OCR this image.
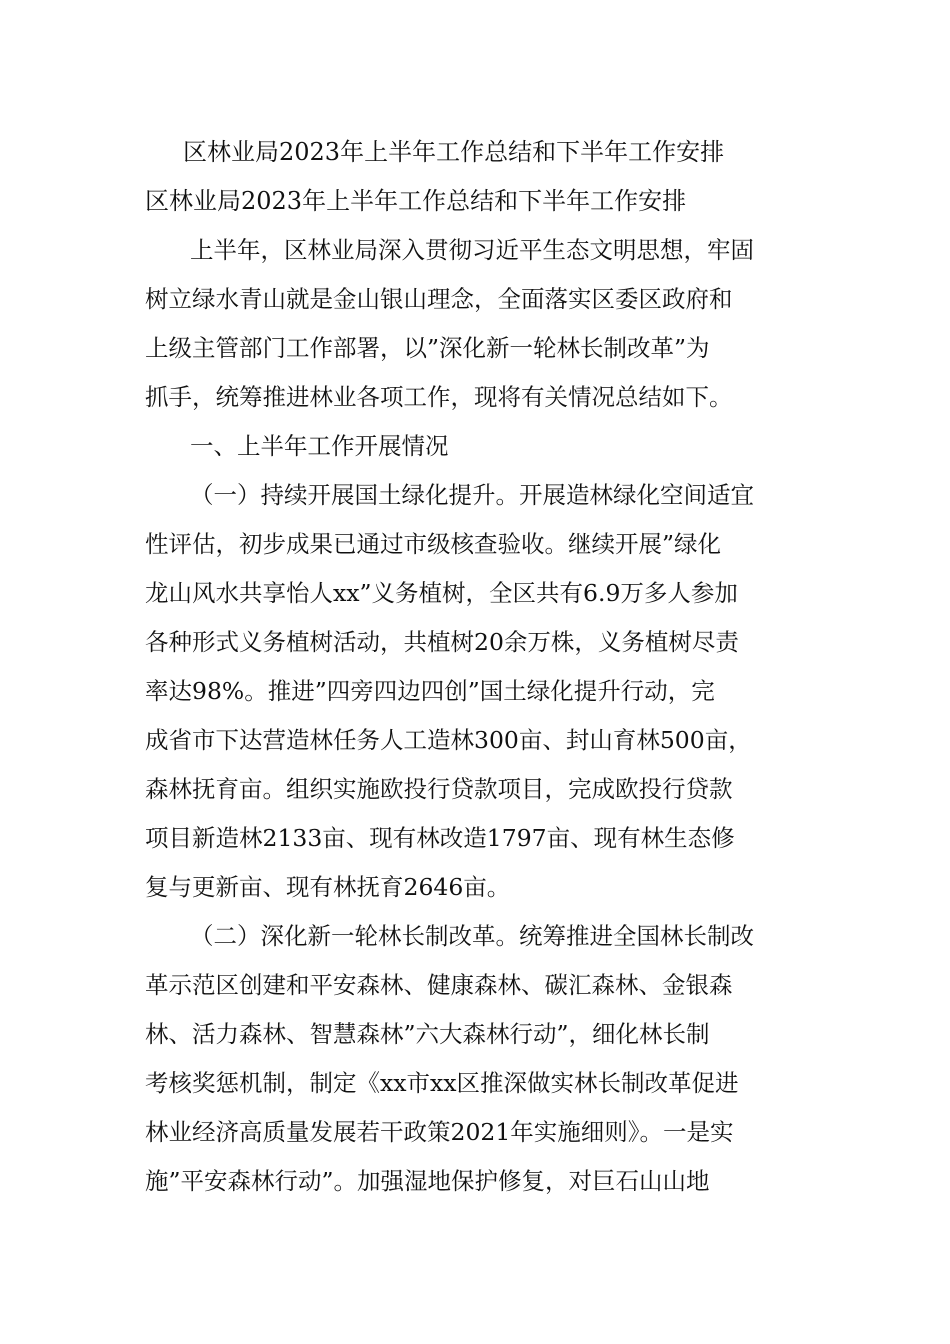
区林业局2023年上半年工作总结和下半年工作安排
区林业局2023年上半年工作总结和下半年工作安排
上半年，区林业局深入贯彻习近平生态文明思想，牢固
树立绿水青山就是金山银山理念，全面落实区委区政府和
上级主管部门工作部署，以”深化新一轮林长制改革”为
抓手，统筹推进林业各项工作，现将有关情况总结如下。
一、上半年工作开展情况
（一）持续开展国土绿化提升。开展造林绿化空间适宜
性评估，初步成果已通过市级核查验收。继续开展”绿化
龙山风水共享怡人xx”义务植树，全区共有6.9万多人参加
各种形式义务植树活动，共植树20余万株，义务植树尽责
率达98%。推进”四旁四边四创”国土绿化提升行动，完
成省市下达营造林任务人工造林300亩、封山育林500亩，
森林抚育亩。组织实施欧投行贷款项目，完成欧投行贷款
项目新造林2133亩、现有林改造1797亩、现有林生态修
复与更新亩、现有林抚育2646亩。
（二）深化新一轮林长制改革。统筹推进全国林长制改
革示范区创建和平安森林、健康森林、碳汇森林、金银森
林、活力森林、智慧森林”六大森林行动”，细化林长制
考核奖惩机制，制定《xx市xx区推深做实林长制改革促进
林业经济高质量发展若干政策2021年实施细则》。一是实
施”平安森林行动”。加强湿地保护修复，对巨石山山地
